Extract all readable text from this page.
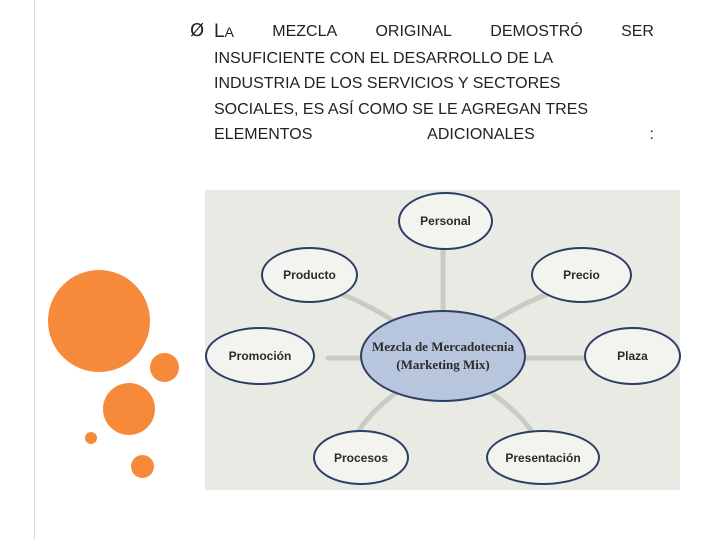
Ø LA MEZCLA ORIGINAL DEMOSTRÓ SER
INSUFICIENTE CON EL DESARROLLO DE LA
INDUSTRIA DE LOS SERVICIOS Y SECTORES
SOCIALES, ES ASÍ COMO SE LE AGREGAN TRES
ELEMENTOS	ADICIONALES	:
Personal
Producto	Precio
Promoción	Plaza
Procesos	Presentación
Mezcla de Mercadotecnia
(Marketing Mix)
